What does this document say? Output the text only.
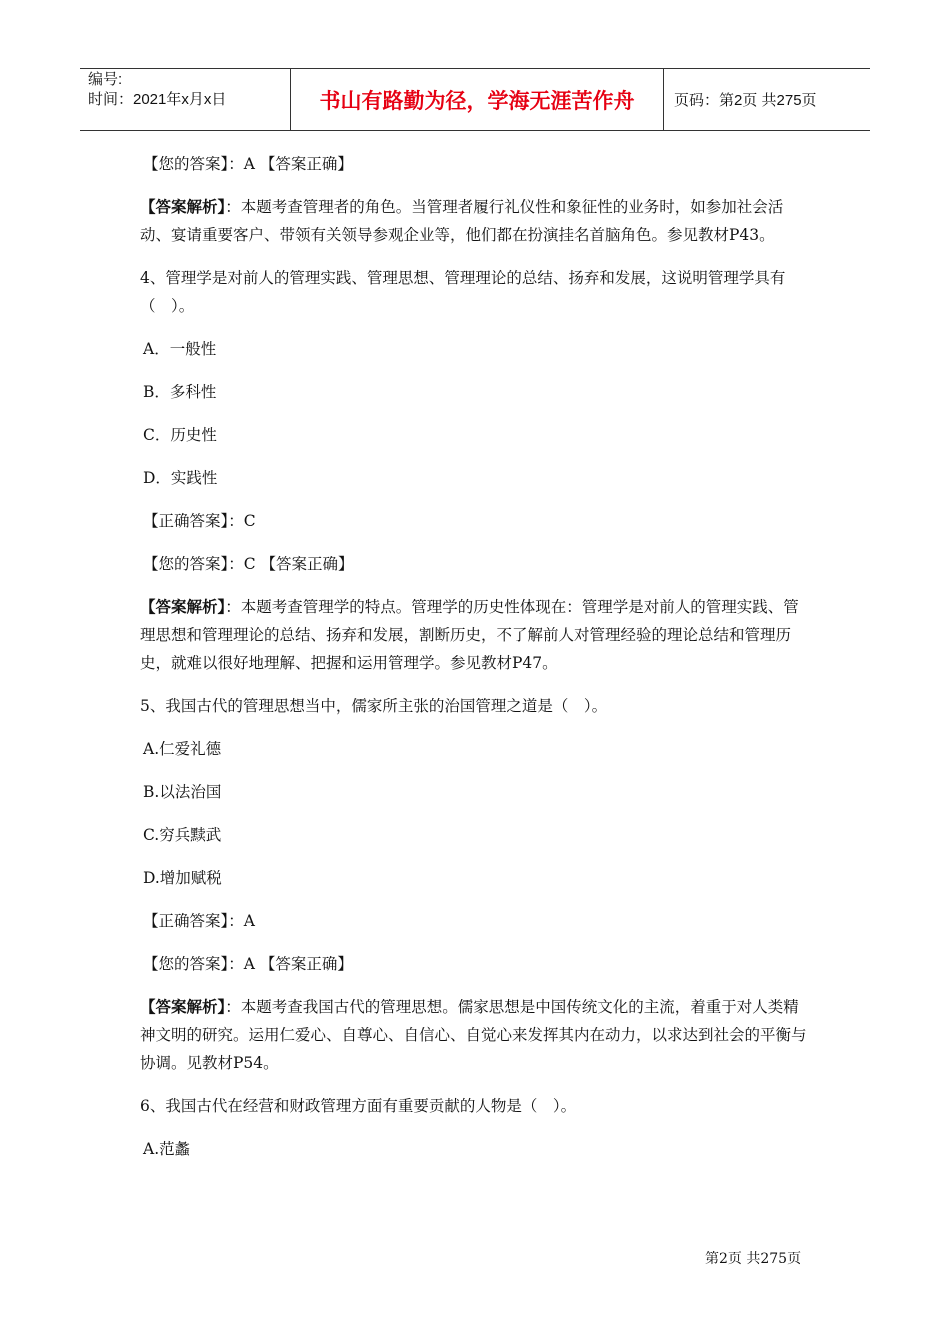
编号:
时间：2021年x月x日	书山有路勤为径，学海无涯苦作舟	页码：第2页 共275页

【您的答案】：A 【答案正确】

【答案解析】：本题考查管理者的角色。当管理者履行礼仪性和象征性的业务时，如参加社会活动、宴请重要客户、带领有关领导参观企业等，他们都在扮演挂名首脑角色。参见教材P43。

4、管理学是对前人的管理实践、管理思想、管理理论的总结、扬弃和发展，这说明管理学具有（　）。

A．一般性

B．多科性

C．历史性

D．实践性

【正确答案】：C

【您的答案】：C 【答案正确】

【答案解析】：本题考查管理学的特点。管理学的历史性体现在：管理学是对前人的管理实践、管理思想和管理理论的总结、扬弃和发展，割断历史，不了解前人对管理经验的理论总结和管理历史，就难以很好地理解、把握和运用管理学。参见教材P47。

5、我国古代的管理思想当中，儒家所主张的治国管理之道是（　）。

A.仁爱礼德

B.以法治国

C.穷兵黩武

D.增加赋税

【正确答案】：A

【您的答案】：A 【答案正确】

【答案解析】：本题考查我国古代的管理思想。儒家思想是中国传统文化的主流，着重于对人类精神文明的研究。运用仁爱心、自尊心、自信心、自觉心来发挥其内在动力，以求达到社会的平衡与协调。见教材P54。

6、我国古代在经营和财政管理方面有重要贡献的人物是（　）。

A.范蠡

第2页 共275页
